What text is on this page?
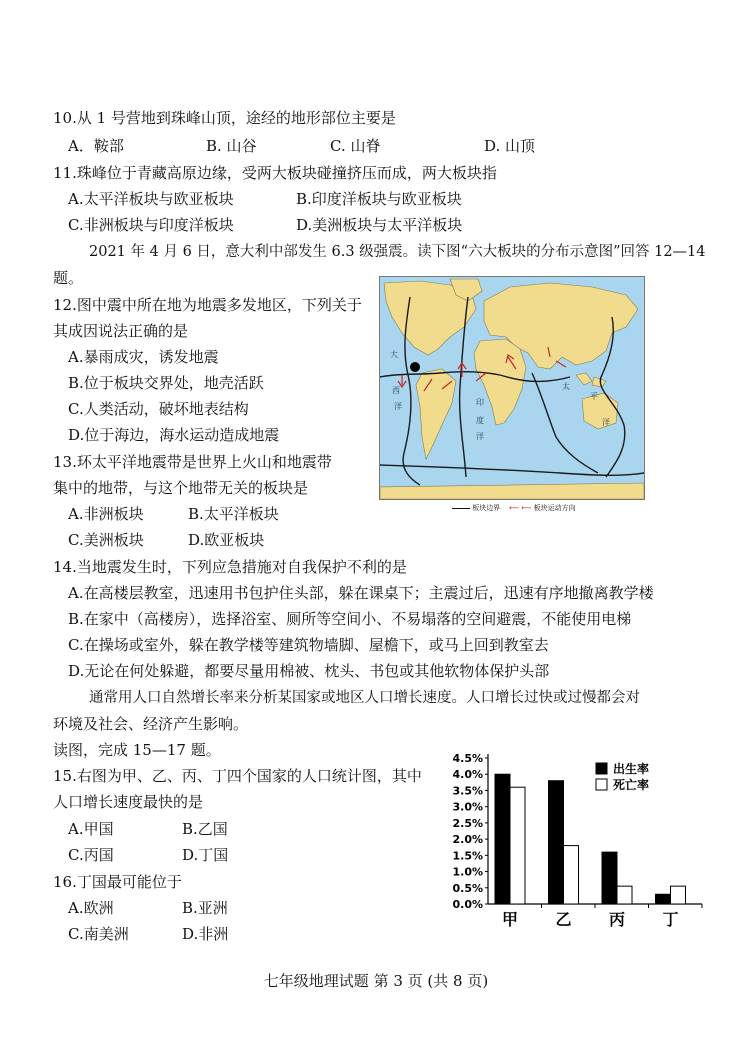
10.从 1 号营地到珠峰山顶，途经的地形部位主要是
A．鞍部	B. 山谷	C. 山脊	D. 山顶
11.珠峰位于青藏高原边缘，受两大板块碰撞挤压而成，两大板块指
A.太平洋板块与欧亚板块	B.印度洋板块与欧亚板块
C.非洲板块与印度洋板块	D.美洲板块与太平洋板块
2021 年 4 月 6 日，意大利中部发生 6.3 级强震。读下图“六大板块的分布示意图”回答 12—14
题。
12.图中震中所在地为地震多发地区，下列关于
其成因说法正确的是
A.暴雨成灾，诱发地震
B.位于板块交界处，地壳活跃
C.人类活动，破坏地表结构
D.位于海边，海水运动造成地震
13.环太平洋地震带是世界上火山和地震带
集中的地带，与这个地带无关的板块是
A.非洲板块	B.太平洋板块
C.美洲板块	D.欧亚板块
大
西
洋	印
度
洋
太
平
洋
板块边界 ⟵ ⟵ 板块运动方向
14.当地震发生时，下列应急措施对自我保护不利的是
A.在高楼层教室，迅速用书包护住头部，躲在课桌下；主震过后，迅速有序地撤离教学楼
B.在家中（高楼房），选择浴室、厕所等空间小、不易塌落的空间避震，不能使用电梯
C.在操场或室外，躲在教学楼等建筑物墙脚、屋檐下，或马上回到教室去
D.无论在何处躲避，都要尽量用棉被、枕头、书包或其他软物体保护头部
通常用人口自然增长率来分析某国家或地区人口增长速度。人口增长过快或过慢都会对
环境及社会、经济产生影响。
读图，完成 15—17 题。
15.右图为甲、乙、丙、丁四个国家的人口统计图，其中
人口增长速度最快的是
A.甲国	B.乙国
C.丙国	D.丁国
16.丁国最可能位于
A.欧洲	B.亚洲
C.南美洲	D.非洲
0.0%
0.5%
1.0%
1.5%
2.0%
2.5%
3.0%
3.5%
4.0%
4.5%
甲 乙 丙 丁
出生率
死亡率
七年级地理试题 第 3 页 (共 8 页)
